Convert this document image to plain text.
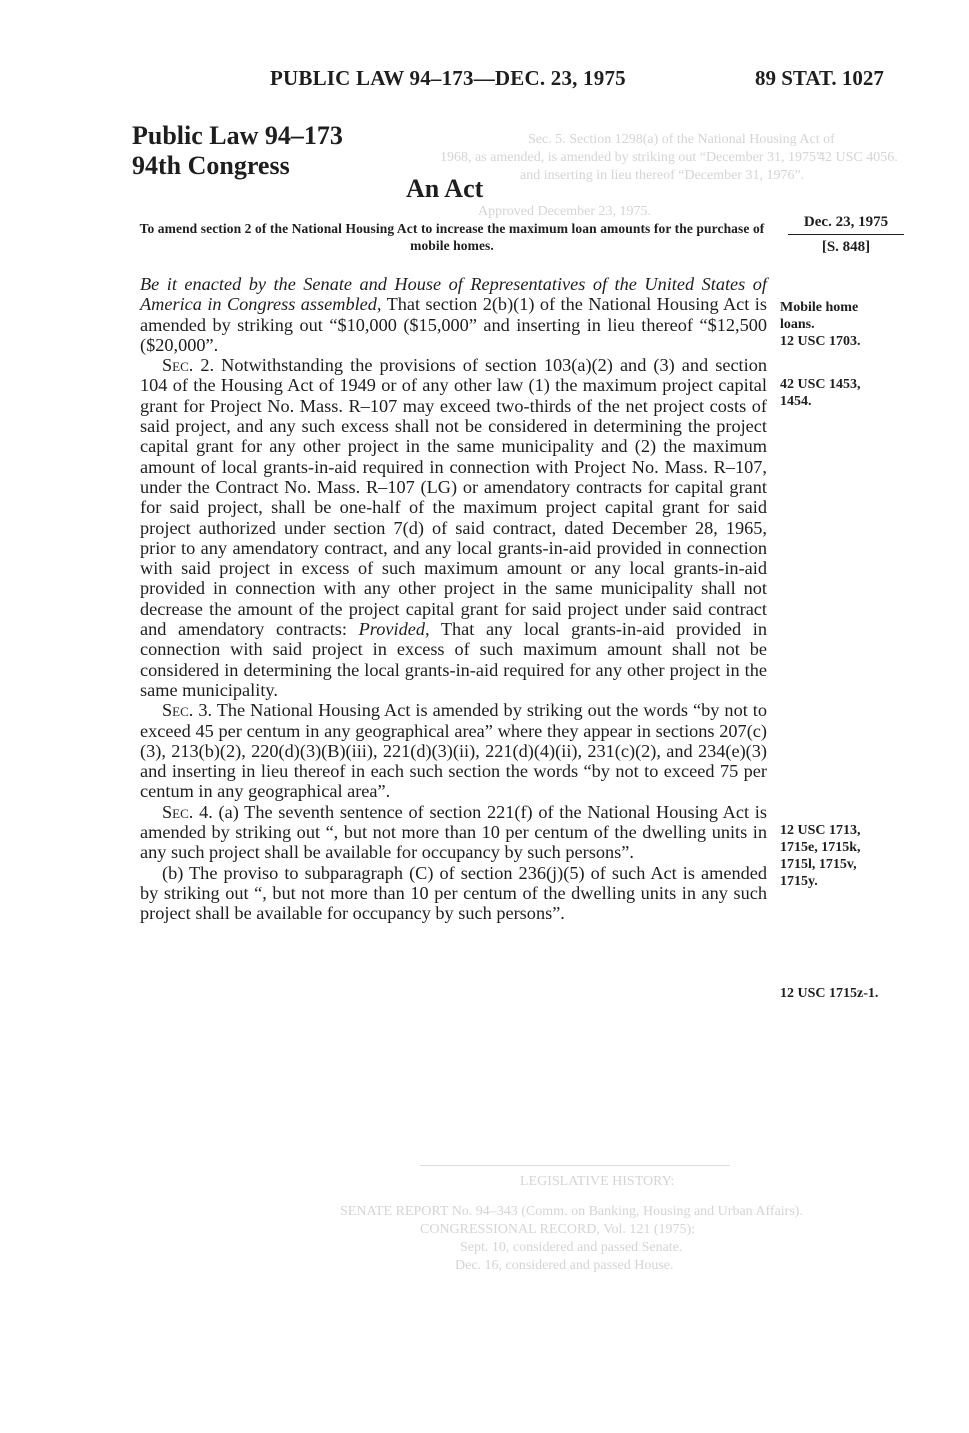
Sec. 5. Section 1298(a) of the National Housing Act of
42 USC 4056.
1968, as amended, is amended by striking out “December 31, 1975”
and inserting in lieu thereof “December 31, 1976”.
Approved December 23, 1975.
LEGISLATIVE HISTORY:
SENATE REPORT No. 94–343 (Comm. on Banking, Housing and Urban Affairs).
CONGRESSIONAL RECORD, Vol. 121 (1975):
Sept. 10, considered and passed Senate.
Dec. 16, considered and passed House.
PUBLIC LAW 94–173—DEC. 23, 1975	89 STAT. 1027
Public Law 94–173
94th Congress
An Act
To amend section 2 of the National Housing Act to increase the maximum loan amounts for the purchase of mobile homes.
Dec. 23, 1975
[S. 848]

Be it enacted by the Senate and House of Representatives of the United States of America in Congress assembled, That section 2(b)(1) of the National Housing Act is amended by striking out “$10,000 ($15,000” and inserting in lieu thereof “$12,500 ($20,000”.

Sec. 2. Notwithstanding the provisions of section 103(a)(2) and (3) and section 104 of the Housing Act of 1949 or of any other law (1) the maximum project capital grant for Project No. Mass. R–107 may exceed two-thirds of the net project costs of said project, and any such excess shall not be considered in determining the project capital grant for any other project in the same municipality and (2) the maximum amount of local grants-in-aid required in connection with Project No. Mass. R–107, under the Contract No. Mass. R–107 (LG) or amendatory contracts for capital grant for said project, shall be one-half of the maximum project capital grant for said project authorized under section 7(d) of said contract, dated December 28, 1965, prior to any amendatory contract, and any local grants-in-aid provided in connection with said project in excess of such maximum amount or any local grants-in-aid provided in connection with any other project in the same municipality shall not decrease the amount of the project capital grant for said project under said contract and amendatory contracts: Provided, That any local grants-in-aid provided in connection with said project in excess of such maximum amount shall not be considered in determining the local grants-in-aid required for any other project in the same municipality.

Sec. 3. The National Housing Act is amended by striking out the words “by not to exceed 45 per centum in any geographical area” where they appear in sections 207(c)(3), 213(b)(2), 220(d)(3)(B)(iii), 221(d)(3)(ii), 221(d)(4)(ii), 231(c)(2), and 234(e)(3) and inserting in lieu thereof in each such section the words “by not to exceed 75 per centum in any geographical area”.

Sec. 4. (a) The seventh sentence of section 221(f) of the National Housing Act is amended by striking out “, but not more than 10 per centum of the dwelling units in any such project shall be available for occupancy by such persons”.

(b) The proviso to subparagraph (C) of section 236(j)(5) of such Act is amended by striking out “, but not more than 10 per centum of the dwelling units in any such project shall be available for occupancy by such persons”.

Mobile home
loans.
12 USC 1703.
42 USC 1453,
1454.
12 USC 1713,
1715e, 1715k,
1715l, 1715v,
1715y.
12 USC 1715z-1.
